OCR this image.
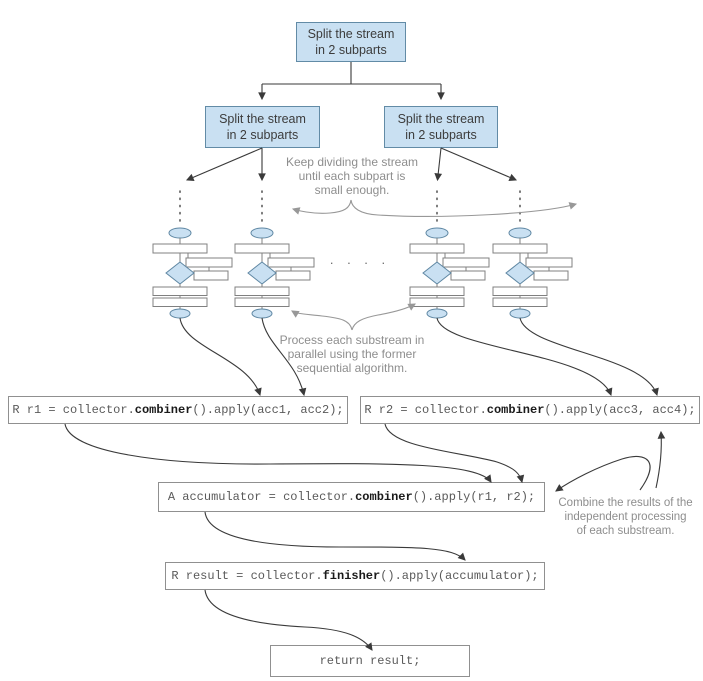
Split the stream
in 2 subparts
Split the stream
in 2 subparts
Split the stream
in 2 subparts
Keep dividing the stream
until each subpart is
small enough.
Process each substream in
parallel using the former
sequential algorithm.
Combine the results of the
independent processing
of each substream.
. . . .
R r1 = collector.combiner().apply(acc1, acc2); R r2 = collector.combiner().apply(acc3, acc4);
A accumulator = collector.combiner().apply(r1, r2);
R result = collector.finisher().apply(accumulator);
return result;
